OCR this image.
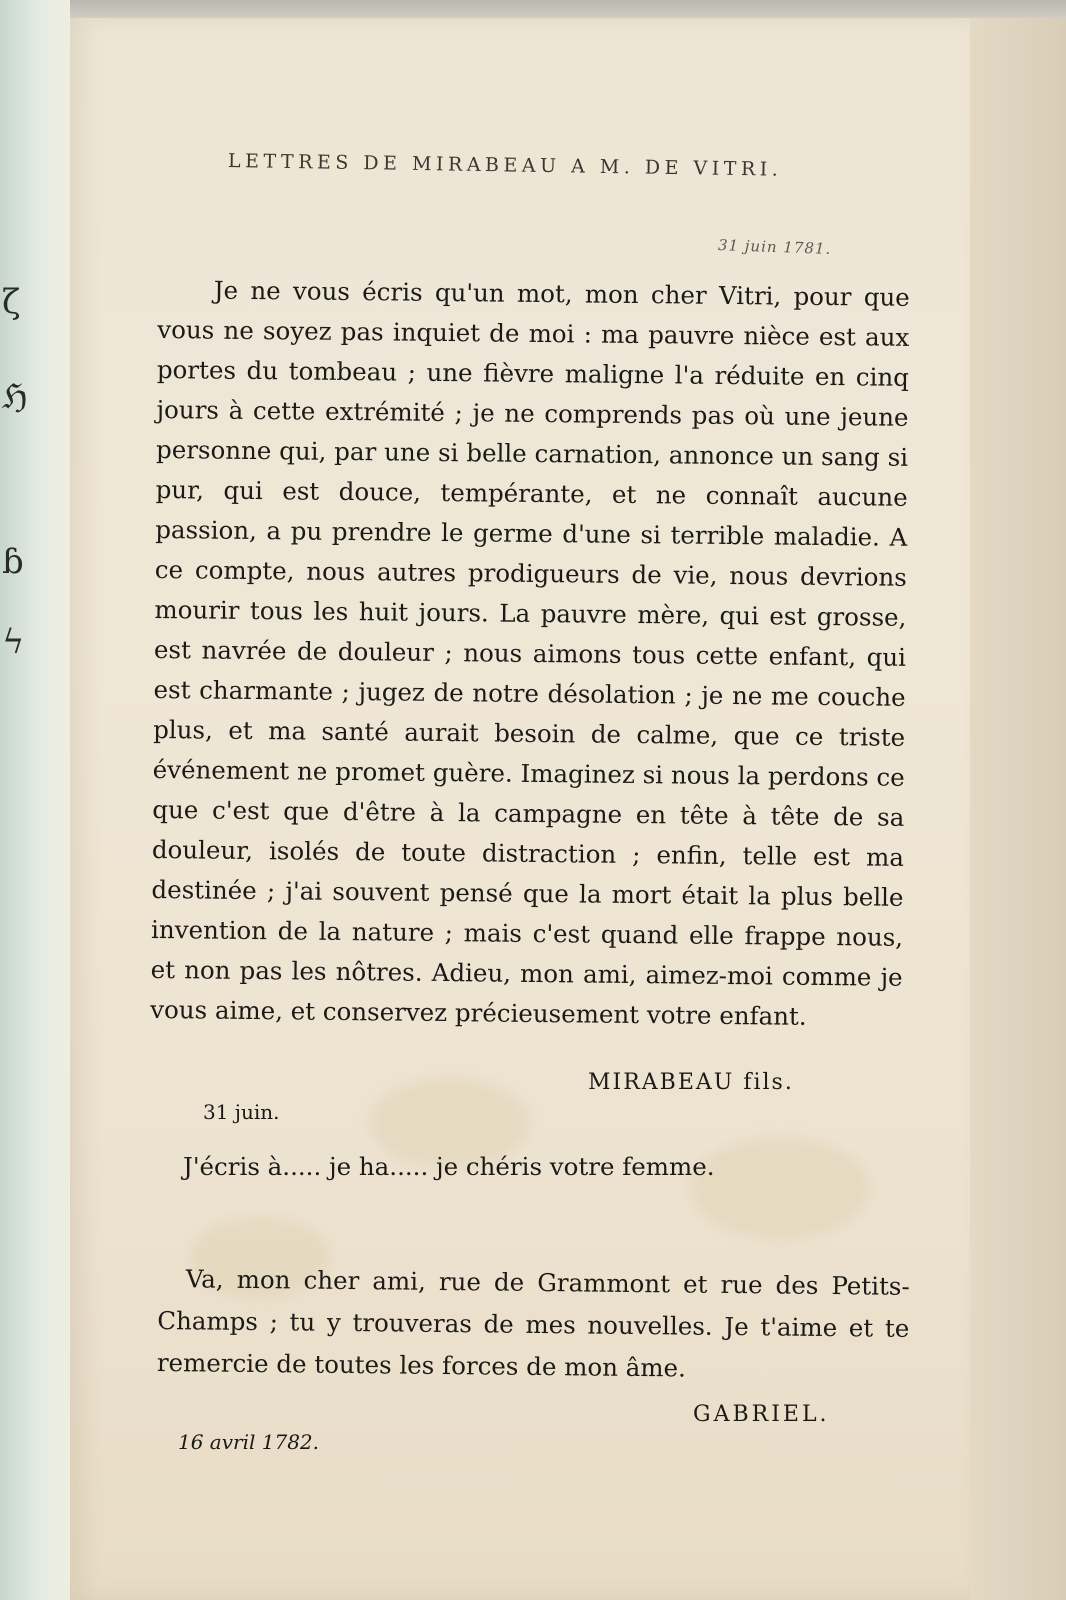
ζ
ℌ
ɓ
ϟ
LETTRES DE MIRABEAU A M. DE VITRI.
31 juin 1781.

Je ne vous écris qu'un mot, mon cher Vitri, pour que vous ne soyez pas inquiet de moi : ma pauvre nièce est aux portes du tombeau ; une fièvre maligne l'a réduite en cinq jours à cette extrémité ; je ne comprends pas où une jeune personne qui, par une si belle carnation, annonce un sang si pur, qui est douce, tempérante, et ne connaît aucune passion, a pu prendre le germe d'une si terrible maladie. A ce compte, nous autres prodigueurs de vie, nous devrions mourir tous les huit jours. La pauvre mère, qui est grosse, est navrée de douleur ; nous aimons tous cette enfant, qui est charmante ; jugez de notre désolation ; je ne me couche plus, et ma santé aurait besoin de calme, que ce triste événement ne promet guère. Imaginez si nous la perdons ce que c'est que d'être à la campagne en tête à tête de sa douleur, isolés de toute distraction ; enfin, telle est ma destinée ; j'ai souvent pensé que la mort était la plus belle invention de la nature ; mais c'est quand elle frappe nous, et non pas les nôtres. Adieu, mon ami, aimez-moi comme je vous aime, et conservez précieusement votre enfant.

MIRABEAU fils.
31 juin.
J'écris à..... je ha..... je chéris votre femme.

Va, mon cher ami, rue de Grammont et rue des Petits-Champs ; tu y trouveras de mes nouvelles. Je t'aime et te remercie de toutes les forces de mon âme.

GABRIEL.
16 avril 1782.
